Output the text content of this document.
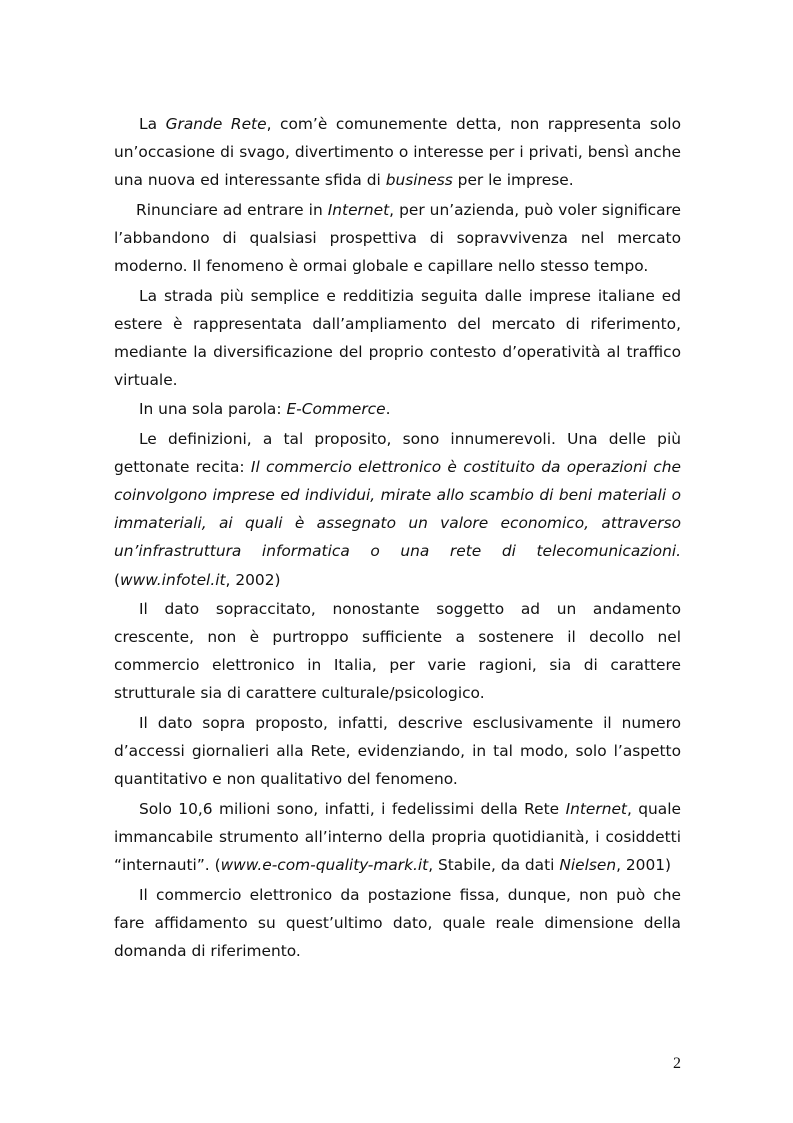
La Grande Rete, com’è comunemente detta, non rappresenta solo un’occasione di svago, divertimento o interesse per i privati, bensì anche una nuova ed interessante sfida di business per le imprese.

Rinunciare ad entrare in Internet, per un’azienda, può voler significare l’abbandono di qualsiasi prospettiva di sopravvivenza nel mercato moderno. Il fenomeno è ormai globale e capillare nello stesso tempo.

La strada più semplice e redditizia seguita dalle imprese italiane ed estere è rappresentata dall’ampliamento del mercato di riferimento, mediante la diversificazione del proprio contesto d’operatività al traffico virtuale.

In una sola parola: E-Commerce.

Le definizioni, a tal proposito, sono innumerevoli. Una delle più gettonate recita: Il commercio elettronico è costituito da operazioni che coinvolgono imprese ed individui, mirate allo scambio di beni materiali o immateriali, ai quali è assegnato un valore economico, attraverso un’infrastruttura informatica o una rete di telecomunicazioni. (www.infotel.it, 2002)

Il dato sopraccitato, nonostante soggetto ad un andamento crescente, non è purtroppo sufficiente a sostenere il decollo nel commercio elettronico in Italia, per varie ragioni, sia di carattere strutturale sia di carattere culturale/psicologico.

Il dato sopra proposto, infatti, descrive esclusivamente il numero d’accessi giornalieri alla Rete, evidenziando, in tal modo, solo l’aspetto quantitativo e non qualitativo del fenomeno.

Solo 10,6 milioni sono, infatti, i fedelissimi della Rete Internet, quale immancabile strumento all’interno della propria quotidianità, i cosiddetti “internauti”. (www.e-com-quality-mark.it, Stabile, da dati Nielsen, 2001)

Il commercio elettronico da postazione fissa, dunque, non può che fare affidamento su quest’ultimo dato, quale reale dimensione della domanda di riferimento.

2
